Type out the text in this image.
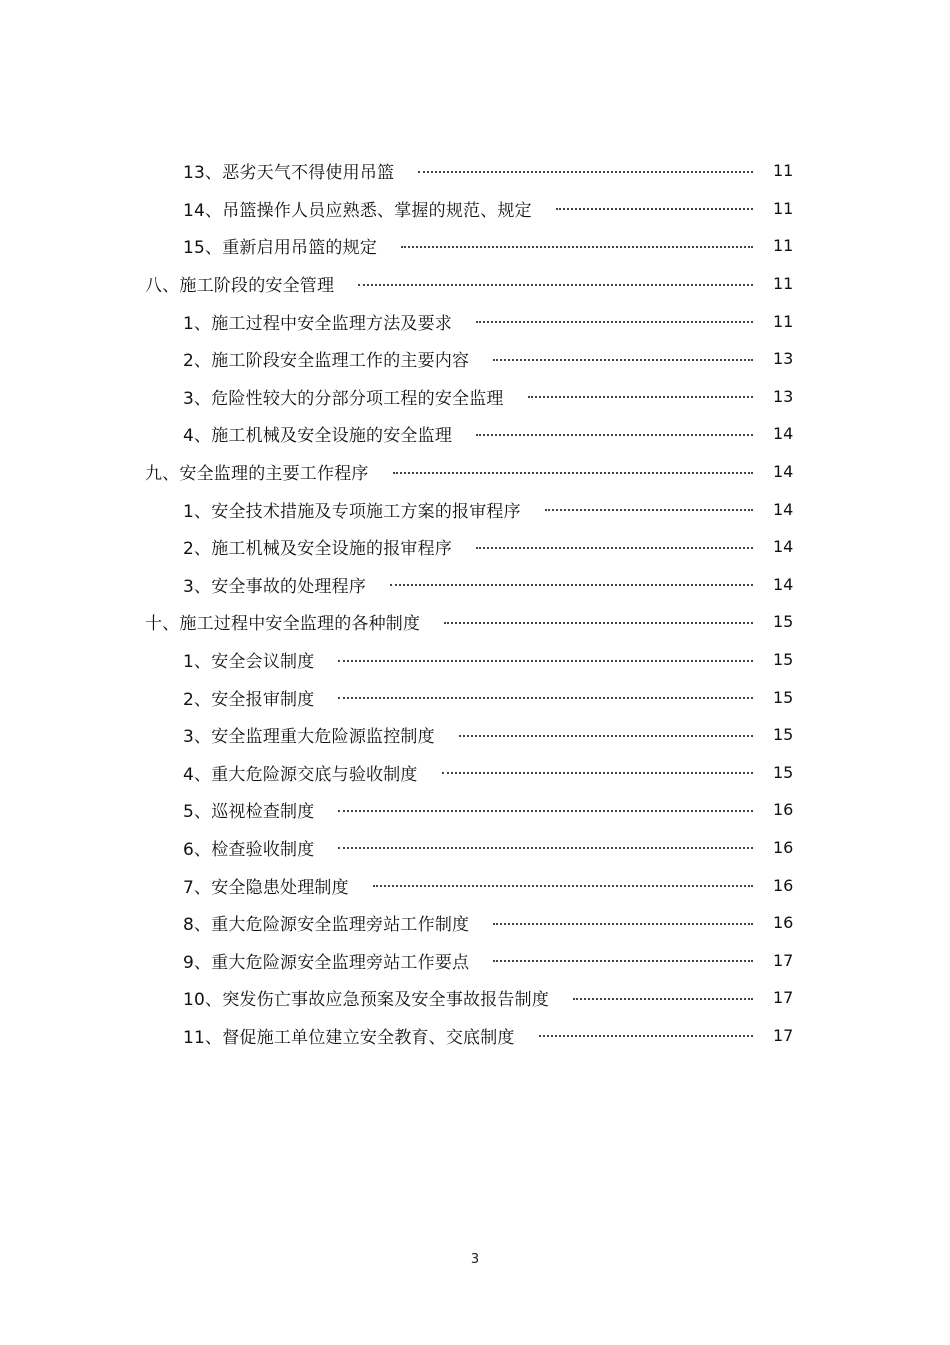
13、恶劣天气不得使用吊篮	11
14、吊篮操作人员应熟悉、掌握的规范、规定	11
15、重新启用吊篮的规定	11
八、施工阶段的安全管理	11
1、施工过程中安全监理方法及要求	11
2、施工阶段安全监理工作的主要内容	13
3、危险性较大的分部分项工程的安全监理	13
4、施工机械及安全设施的安全监理	14
九、安全监理的主要工作程序	14
1、安全技术措施及专项施工方案的报审程序	14
2、施工机械及安全设施的报审程序	14
3、安全事故的处理程序	14
十、施工过程中安全监理的各种制度	15
1、安全会议制度	15
2、安全报审制度	15
3、安全监理重大危险源监控制度	15
4、重大危险源交底与验收制度	15
5、巡视检查制度	16
6、检查验收制度	16
7、安全隐患处理制度	16
8、重大危险源安全监理旁站工作制度	16
9、重大危险源安全监理旁站工作要点	17
10、突发伤亡事故应急预案及安全事故报告制度	17
11、督促施工单位建立安全教育、交底制度	17
3
